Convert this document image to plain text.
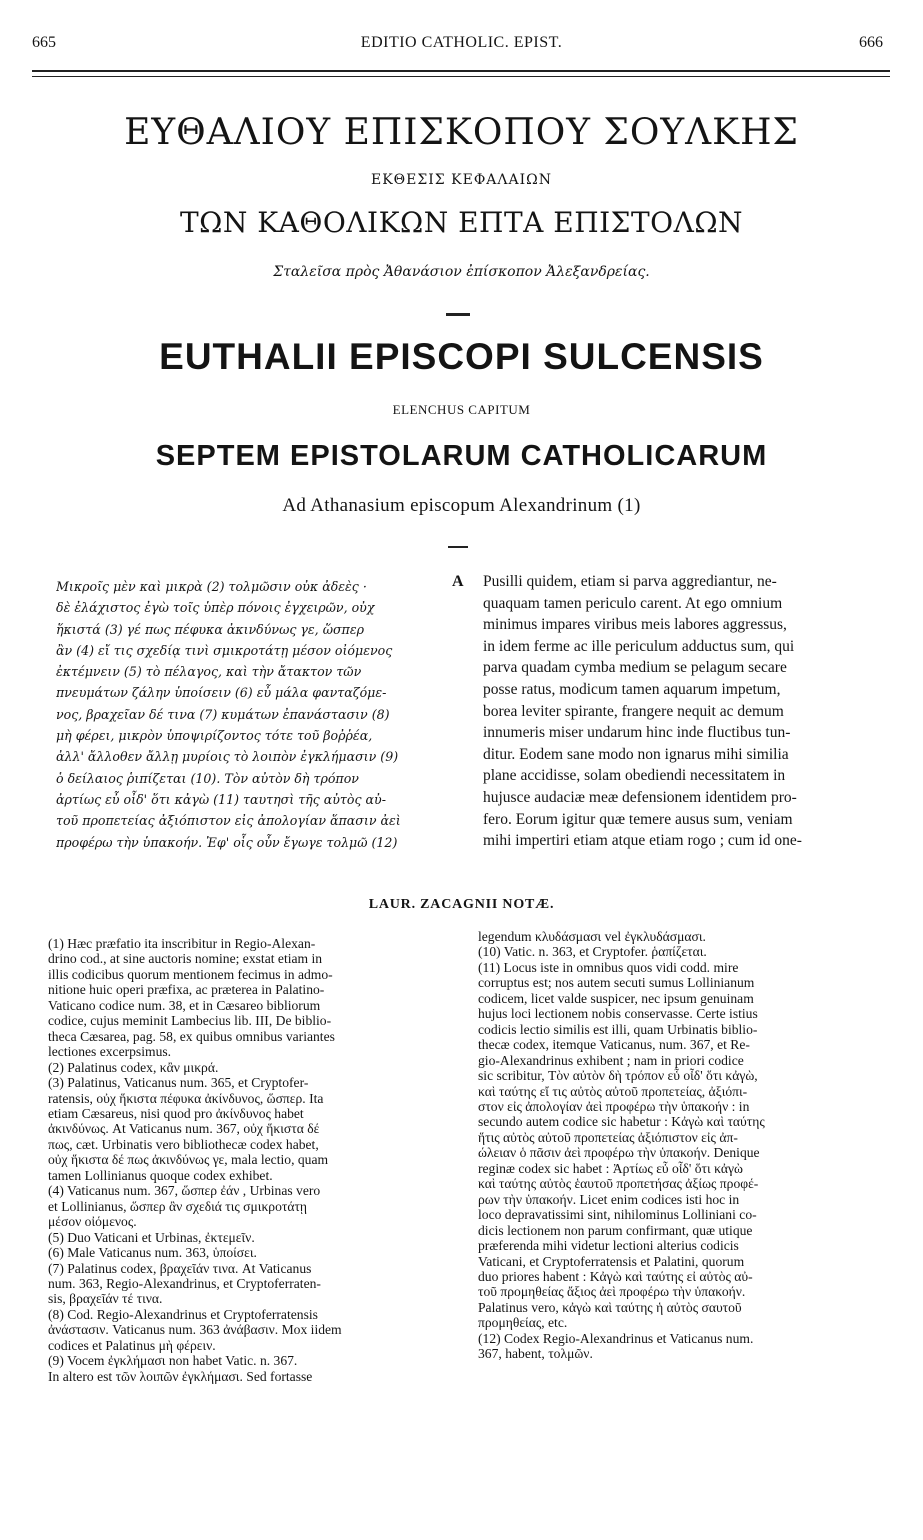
665	EDITIO CATHOLIC. EPIST.	666
ΕΥΘΑΛΙΟΥ ΕΠΙΣΚΟΠΟΥ ΣΟΥΛΚΗΣ
ΕΚΘΕΣΙΣ ΚΕΦΑΛΑΙΩΝ
ΤΩΝ ΚΑΘΟΛΙΚΩΝ ΕΠΤΑ ΕΠΙΣΤΟΛΩΝ
Σταλεῖσα πρὸς Ἀθανάσιον ἐπίσκοπον Ἀλεξανδρείας.
EUTHALII EPISCOPI SULCENSIS
ELENCHUS CAPITUM
SEPTEM EPISTOLARUM CATHOLICARUM
Ad Athanasium episcopum Alexandrinum (1)
Μικροῖς μὲν καὶ μικρὰ (2) τολμῶσιν οὐκ ἀδεὲς ·
δὲ ἐλάχιστος ἐγὼ τοῖς ὑπὲρ πόνοις ἐγχειρῶν, οὐχ
ἥκιστά (3) γέ πως πέφυκα ἀκινδύνως γε, ὥσπερ
ἂν (4) εἴ τις σχεδίᾳ τινὶ σμικροτάτῃ μέσον οἰόμενος
ἐκτέμνειν (5) τὸ πέλαγος, καὶ τὴν ἄτακτον τῶν
πνευμάτων ζάλην ὑποίσειν (6) εὖ μάλα φανταζόμε-
νος, βραχεῖαν δέ τινα (7) κυμάτων ἐπανάστασιν (8)
μὴ φέρει, μικρὸν ὑποψιρίζοντος τότε τοῦ βοῤῥέα,
ἀλλ' ἄλλοθεν ἄλλῃ μυρίοις τὸ λοιπὸν ἐγκλήμασιν (9)
ὁ δείλαιος ῥιπίζεται (10). Τὸν αὐτὸν δὴ τρόπον
ἀρτίως εὖ οἶδ' ὅτι κἀγὼ (11) ταυτησὶ τῆς αὐτὸς αὐ-
τοῦ προπετείας ἀξιόπιστον εἰς ἀπολογίαν ἅπασιν ἀεὶ
προφέρω τὴν ὑπακοήν. Ἐφ' οἷς οὖν ἔγωγε τολμῶ (12)
A Pusilli quidem, etiam si parva aggrediantur, ne-
quaquam tamen periculo carent. At ego omnium
minimus impares viribus meis labores aggressus,
in idem ferme ac ille periculum adductus sum, qui
parva quadam cymba medium se pelagum secare
posse ratus, modicum tamen aquarum impetum,
borea leviter spirante, frangere nequit ac demum
innumeris miser undarum hinc inde fluctibus tun-
ditur. Eodem sane modo non ignarus mihi similia
plane accidisse, solam obediendi necessitatem in
hujusce audaciæ meæ defensionem identidem pro-
fero. Eorum igitur quæ temere ausus sum, veniam
mihi impertiri etiam atque etiam rogo ; cum id one-
LAUR. ZACAGNII NOTÆ.
(1) Hæc præfatio ita inscribitur in Regio-Alexan-
drino cod., at sine auctoris nomine; exstat etiam in
illis codicibus quorum mentionem fecimus in admo-
nitione huic operi præfixa, ac præterea in Palatino-
Vaticano codice num. 38, et in Cæsareo bibliorum
codice, cujus meminit Lambecius lib. III, De biblio-
theca Cæsarea, pag. 58, ex quibus omnibus variantes
lectiones excerpsimus.
(2) Palatinus codex, κἂν μικρά.
(3) Palatinus, Vaticanus num. 365, et Cryptofer-
ratensis, οὐχ ἥκιστα πέφυκα ἀκίνδυνος, ὥσπερ. Ita
etiam Cæsareus, nisi quod pro ἀκίνδυνος habet
ἀκινδύνως. At Vaticanus num. 367, οὐχ ἥκιστα δέ
πως, cæt. Urbinatis vero bibliothecæ codex habet,
οὐχ ἥκιστα δέ πως ἀκινδύνως γε, mala lectio, quam
tamen Lollinianus quoque codex exhibet.
(4) Vaticanus num. 367, ὥσπερ ἐάν , Urbinas vero
et Lollinianus, ὥσπερ ἂν σχεδιά τις σμικροτάτῃ
μέσον οἰόμενος.
(5) Duo Vaticani et Urbinas, ἐκτεμεῖν.
(6) Male Vaticanus num. 363, ὑποίσει.
(7) Palatinus codex, βραχεῖάν τινα. At Vaticanus
num. 363, Regio-Alexandrinus, et Cryptoferraten-
sis, βραχεῖάν τέ τινα.
(8) Cod. Regio-Alexandrinus et Cryptoferratensis
ἀνάστασιν. Vaticanus num. 363 ἀνάβασιν. Mox iidem
codices et Palatinus μὴ φέρειν.
(9) Vocem ἐγκλήμασι non habet Vatic. n. 367.
In altero est τῶν λοιπῶν ἐγκλήμασι. Sed fortasse
legendum κλυδάσμασι vel ἐγκλυδάσμασι.
(10) Vatic. n. 363, et Cryptofer. ῥαπίζεται.
(11) Locus iste in omnibus quos vidi codd. mire
corruptus est; nos autem secuti sumus Lollinianum
codicem, licet valde suspicer, nec ipsum genuinam
hujus loci lectionem nobis conservasse. Certe istius
codicis lectio similis est illi, quam Urbinatis biblio-
thecæ codex, itemque Vaticanus, num. 367, et Re-
gio-Alexandrinus exhibent ; nam in priori codice
sic scribitur, Τὸν αὐτὸν δὴ τρόπον εὖ οἶδ' ὅτι κἀγὼ,
καὶ ταύτης εἴ τις αὐτὸς αὐτοῦ προπετείας, ἀξιόπι-
στον εἰς ἀπολογίαν ἀεὶ προφέρω τὴν ὑπακοήν : in
secundo autem codice sic habetur : Κἀγὼ καὶ ταύτης
ἥτις αὐτὸς αὐτοῦ προπετείας ἀξιόπιστον εἰς ἀπ-
ώλειαν ὁ πᾶσιν ἀεὶ προφέρω τὴν ὑπακοήν. Denique
reginæ codex sic habet : Ἀρτίως εὖ οἶδ' ὅτι κἀγὼ
καὶ ταύτης αὐτὸς ἑαυτοῦ προπετήσας ἀξίως προφέ-
ρων τὴν ὑπακοήν. Licet enim codices isti hoc in
loco depravatissimi sint, nihilominus Lolliniani co-
dicis lectionem non parum confirmant, quæ utique
præferenda mihi videtur lectioni alterius codicis
Vaticani, et Cryptoferratensis et Palatini, quorum
duo priores habent : Κἀγὼ καὶ ταύτης εἰ αὐτὸς αὐ-
τοῦ προμηθείας ἄξιος ἀεὶ προφέρω τὴν ὑπακοήν.
Palatinus vero, κἀγὼ καὶ ταύτης ἡ αὐτὸς σαυτοῦ
προμηθείας, etc.
(12) Codex Regio-Alexandrinus et Vaticanus num.
367, habent, τολμῶν.
